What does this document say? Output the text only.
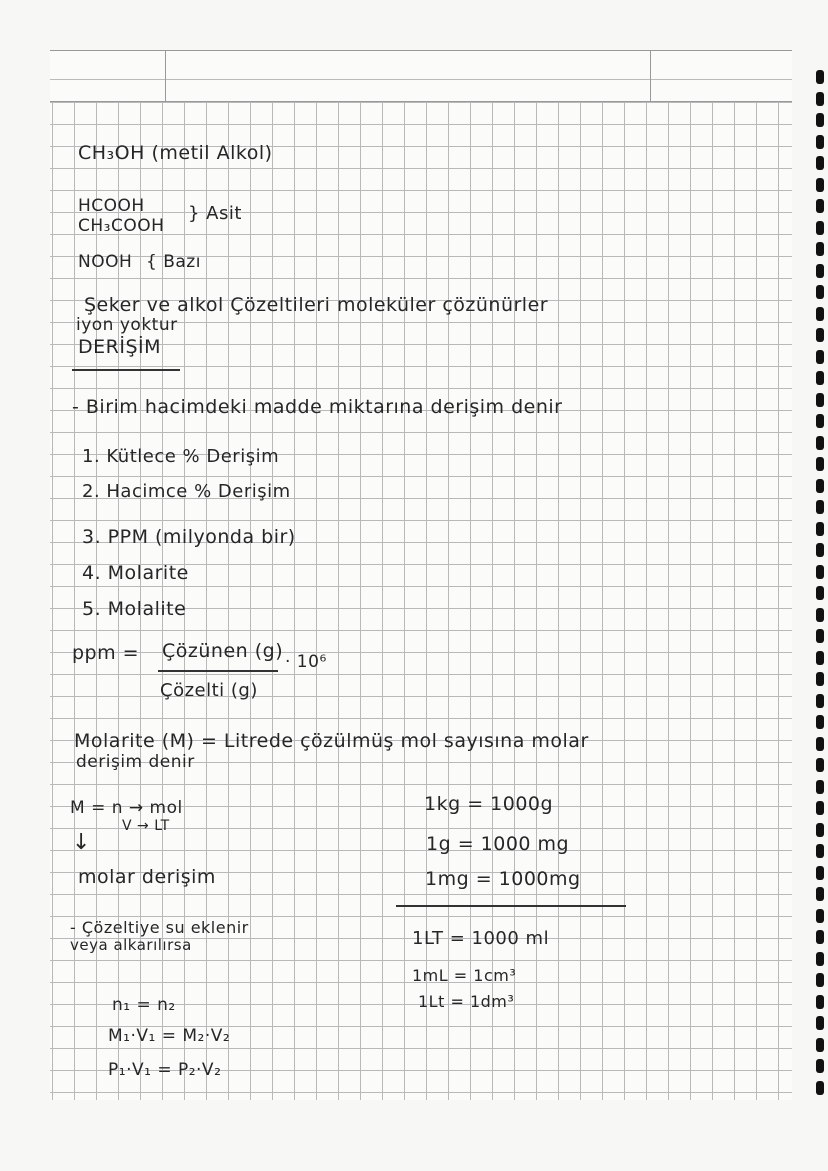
CH₃OH (metil Alkol)
HCOOH
CH₃COOH
} Asit
NOOH { Bazı
Şeker ve alkol Çözeltileri moleküler çözünürler
iyon yoktur
DERİŞİM
- Birim hacimdeki madde miktarına derişim denir
1. Kütlece % Derişim
2. Hacimce % Derişim
3. PPM (milyonda bir)
4. Molarite
5. Molalite
ppm = Çözünen (g) · 10⁶
Çözelti (g)
Molarite (M) = Litrede çözülmüş mol sayısına molar
derişim denir
M = n → mol
V → LT
↓
molar derişim
- Çözeltiye su eklenir
veya alkarılırsa
n₁ = n₂
M₁·V₁ = M₂·V₂
P₁·V₁ = P₂·V₂
1kg = 1000g
1g = 1000 mg
1mg = 1000mg
1LT = 1000 ml
1mL = 1cm³
1Lt = 1dm³
